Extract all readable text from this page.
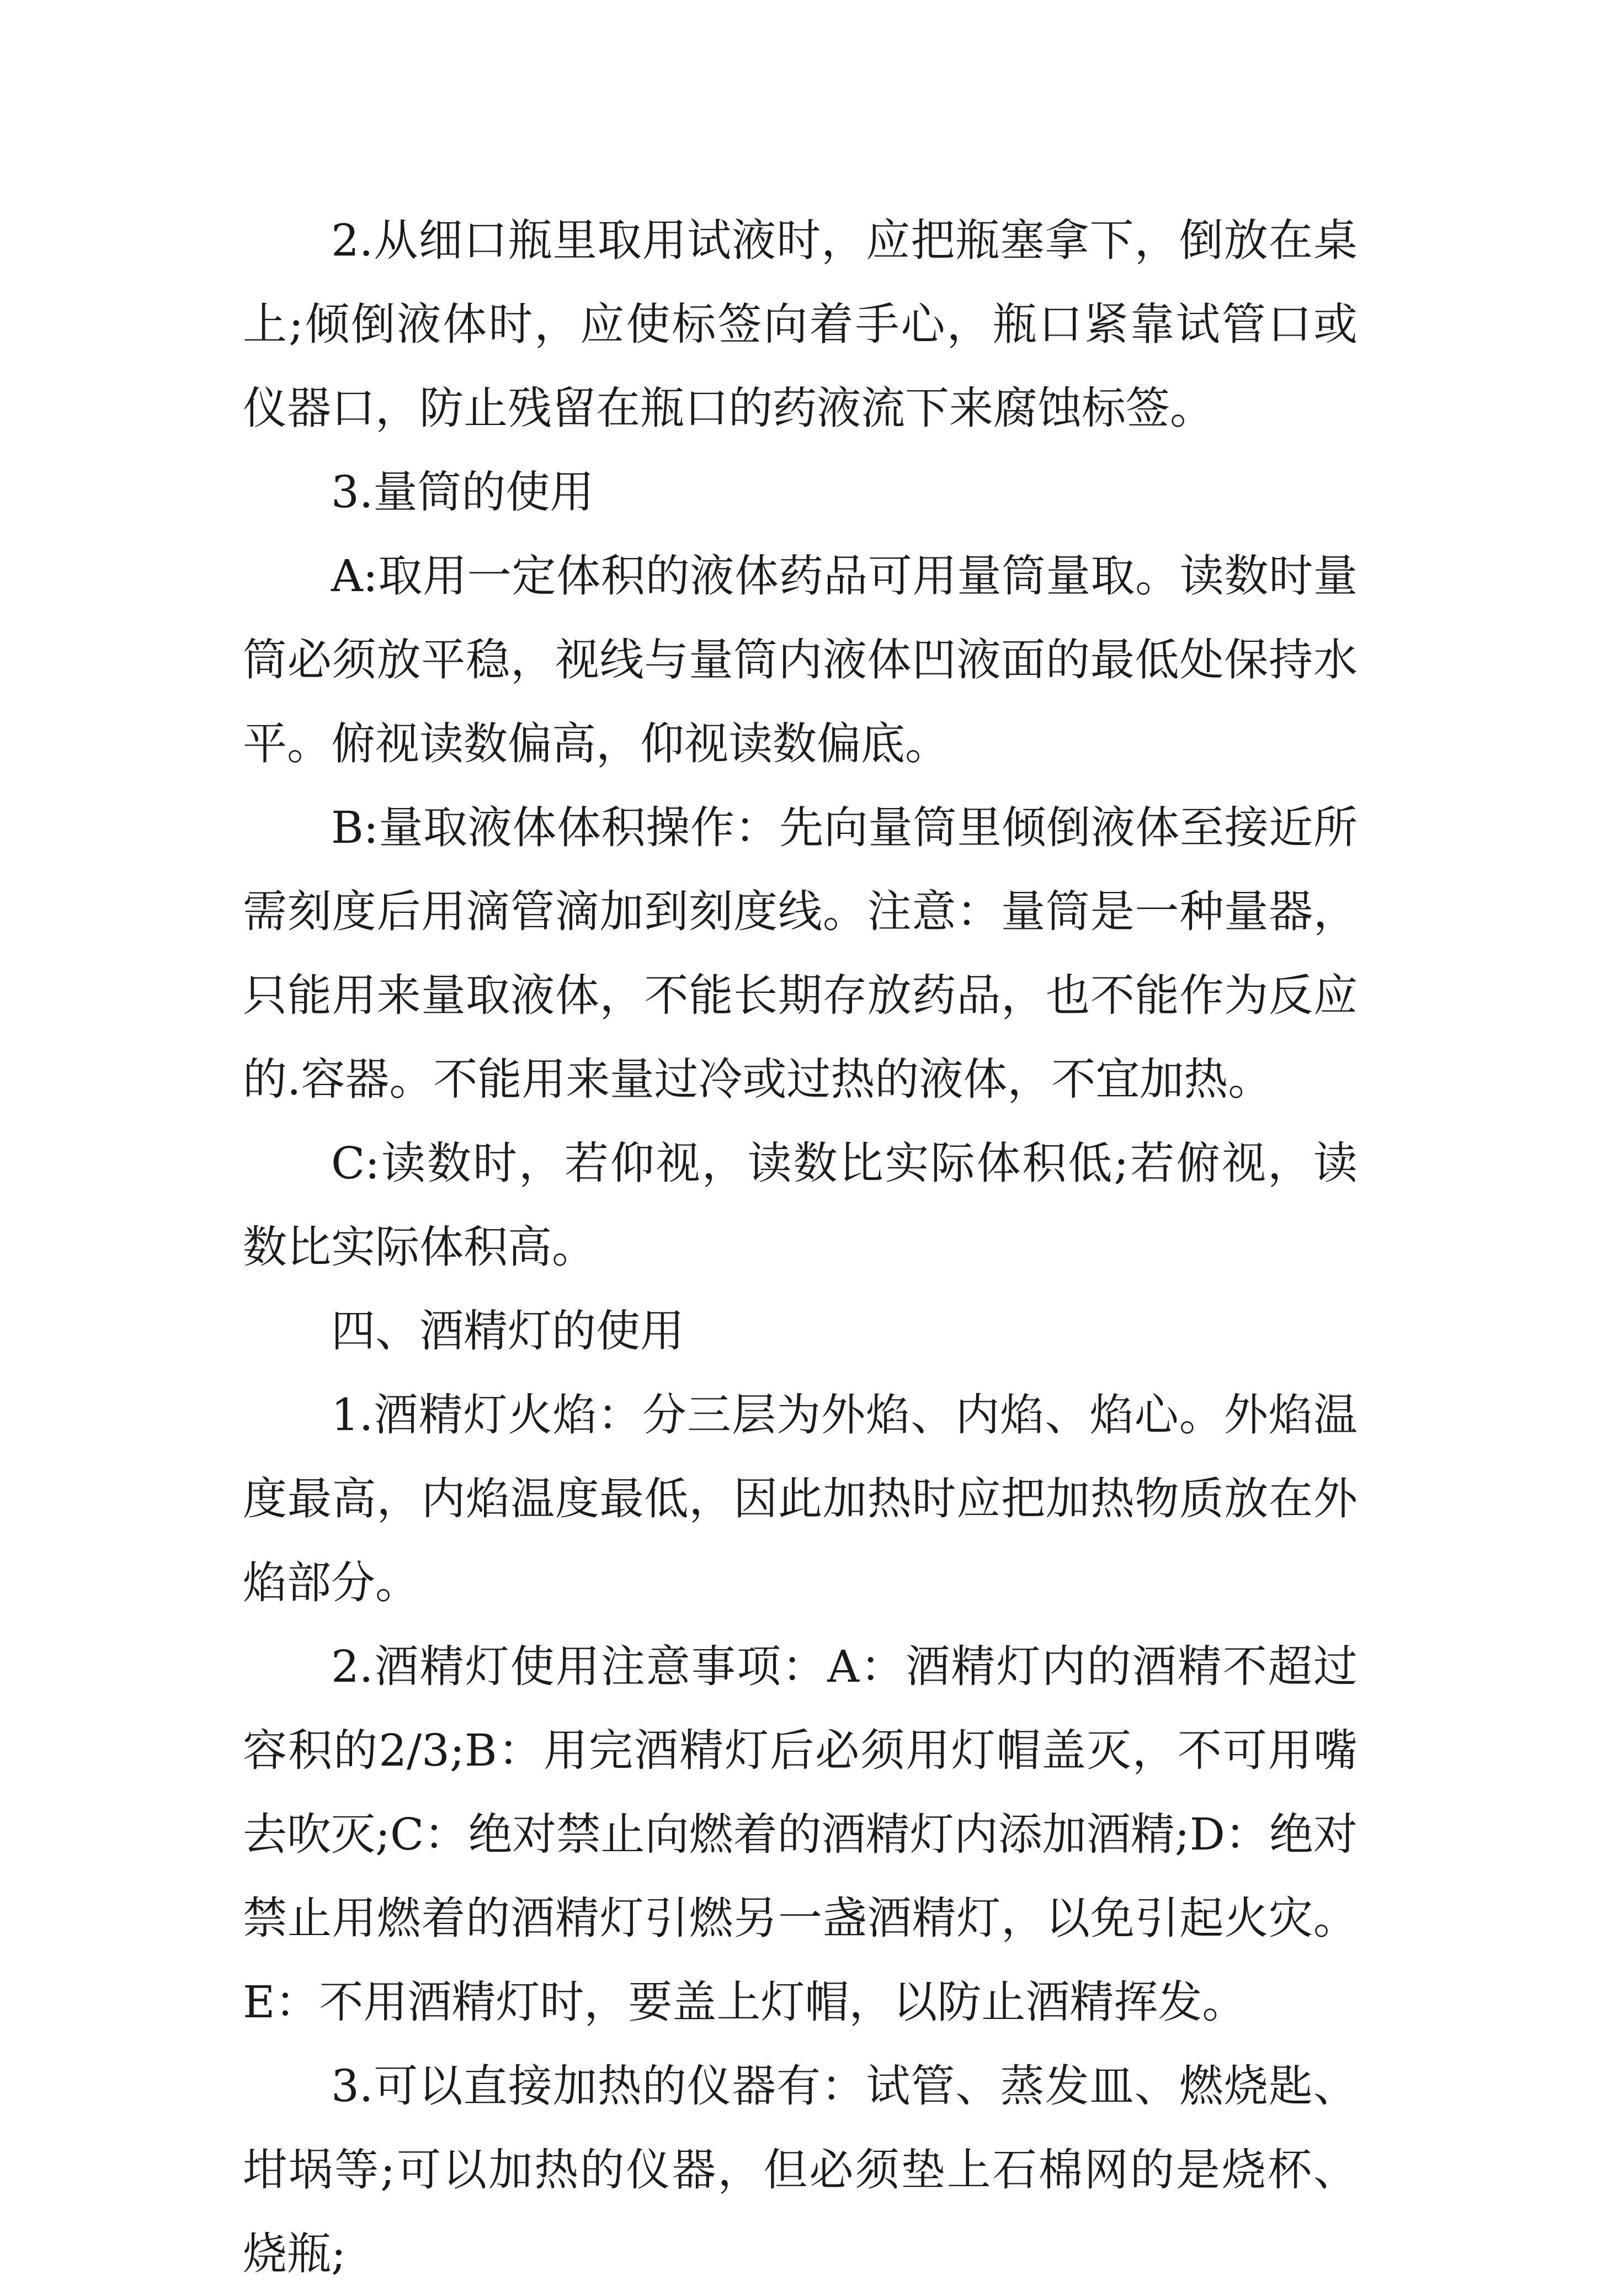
2.从细口瓶里取用试液时，应把瓶塞拿下，倒放在桌上;倾倒液体时，应使标签向着手心，瓶口紧靠试管口或仪器口，防止残留在瓶口的药液流下来腐蚀标签。

3.量筒的使用

A:取用一定体积的液体药品可用量筒量取。读数时量筒必须放平稳，视线与量筒内液体凹液面的最低处保持水平。俯视读数偏高，仰视读数偏底。

B:量取液体体积操作：先向量筒里倾倒液体至接近所需刻度后用滴管滴加到刻度线。注意：量筒是一种量器，只能用来量取液体，不能长期存放药品，也不能作为反应的.容器。不能用来量过冷或过热的液体，不宜加热。

C:读数时，若仰视，读数比实际体积低;若俯视，读数比实际体积高。

四、酒精灯的使用

1.酒精灯火焰：分三层为外焰、内焰、焰心。外焰温度最高，内焰温度最低，因此加热时应把加热物质放在外焰部分。

2.酒精灯使用注意事项：A：酒精灯内的酒精不超过容积的2/3;B：用完酒精灯后必须用灯帽盖灭，不可用嘴去吹灭;C：绝对禁止向燃着的酒精灯内添加酒精;D：绝对禁止用燃着的酒精灯引燃另一盏酒精灯，以免引起火灾。E：不用酒精灯时，要盖上灯帽，以防止酒精挥发。

3.可以直接加热的仪器有：试管、蒸发皿、燃烧匙、坩埚等;可以加热的仪器，但必须垫上石棉网的是烧杯、烧瓶;
